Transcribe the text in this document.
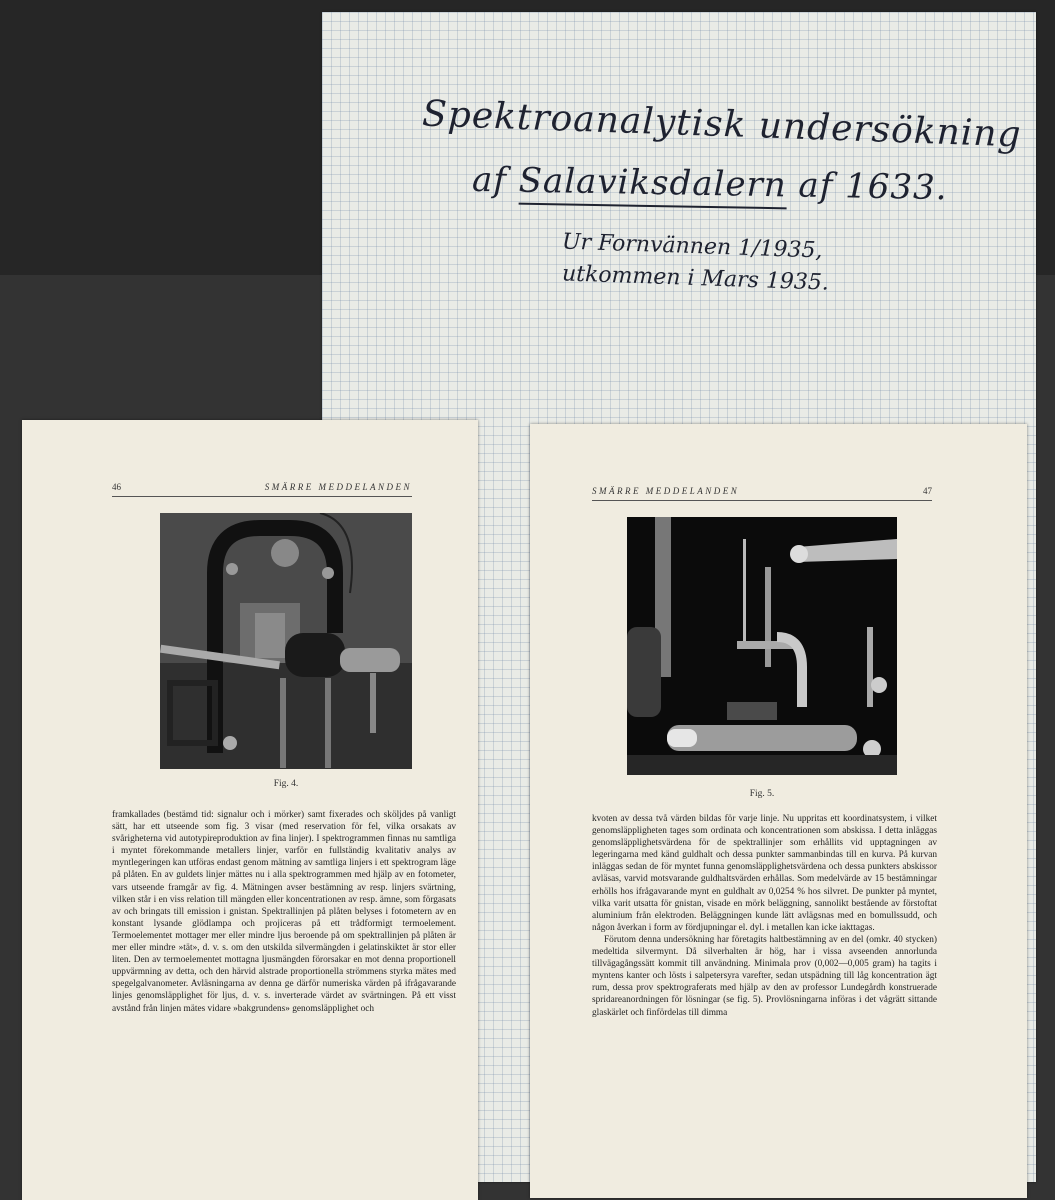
Spektroanalytisk undersökning
af Salaviksdalern af 1633.
Ur Fornvännen 1/1935,
utkommen i Mars 1935.
46	SMÄRRE MEDDELANDEN
Fig. 4.

framkallades (bestämd tid: signalur och i mörker) samt fixerades och sköljdes på vanligt sätt, har ett utseende som fig. 3 visar (med reservation för fel, vilka orsakats av svårigheterna vid autotypireproduktion av fina linjer). I spektrogrammen finnas nu samtliga i myntet förekommande metallers linjer, varför en fullständig kvalitativ analys av myntlegeringen kan utföras endast genom mätning av samtliga linjers i ett spektrogram läge på plåten. En av guldets linjer mättes nu i alla spektrogrammen med hjälp av en fotometer, vars utseende framgår av fig. 4. Mätningen avser bestämning av resp. linjers svärtning, vilken står i en viss relation till mängden eller koncentrationen av resp. ämne, som förgasats av och bringats till emission i gnistan. Spektrallinjen på plåten belyses i fotometern av en konstant lysande glödlampa och projiceras på ett trådformigt termoelement. Termoelementet mottager mer eller mindre ljus beroende på om spektrallinjen på plåten är mer eller mindre »tät», d. v. s. om den utskilda silvermängden i gelatinskiktet är stor eller liten. Den av termoelementet mottagna ljusmängden förorsakar en mot denna proportionell uppvärmning av detta, och den härvid alstrade proportionella strömmens styrka mätes med spegelgalvanometer. Avläsningarna av denna ge därför numeriska värden på ifrågavarande linjes genomsläpplighet för ljus, d. v. s. inverterade värdet av svärtningen. På ett visst avstånd från linjen mätes vidare »bakgrundens» genomsläpplighet och

SMÄRRE MEDDELANDEN	47
Fig. 5.

kvoten av dessa två värden bildas för varje linje. Nu uppritas ett koordinatsystem, i vilket genomsläppligheten tages som ordinata och koncentrationen som abskissa. I detta inläggas genomsläpplighetsvärdena för de spektrallinjer som erhållits vid upptagningen av legeringarna med känd guldhalt och dessa punkter sammanbindas till en kurva. På kurvan inläggas sedan de för myntet funna genomsläpplighetsvärdena och dessa punkters abskissor avläsas, varvid motsvarande guldhaltsvärden erhållas. Som medelvärde av 15 bestämningar erhölls hos ifrågavarande mynt en guldhalt av 0,0254 % hos silvret. De punkter på myntet, vilka varit utsatta för gnistan, visade en mörk beläggning, sannolikt bestående av förstoftat aluminium från elektroden. Beläggningen kunde lätt avlägsnas med en bomullssudd, och någon åverkan i form av fördjupningar el. dyl. i metallen kan icke iakttagas.

Förutom denna undersökning har företagits haltbestämning av en del (omkr. 40 stycken) medeltida silvermynt. Då silverhalten är hög, har i vissa avseenden annorlunda tillvägagångssätt kommit till användning. Minimala prov (0,002—0,005 gram) ha tagits i myntens kanter och lösts i salpetersyra varefter, sedan utspädning till låg koncentration ägt rum, dessa prov spektrograferats med hjälp av den av professor Lundegårdh konstruerade spridareanordningen för lösningar (se fig. 5). Provlösningarna införas i det vågrätt sittande glaskärlet och finfördelas till dimma
